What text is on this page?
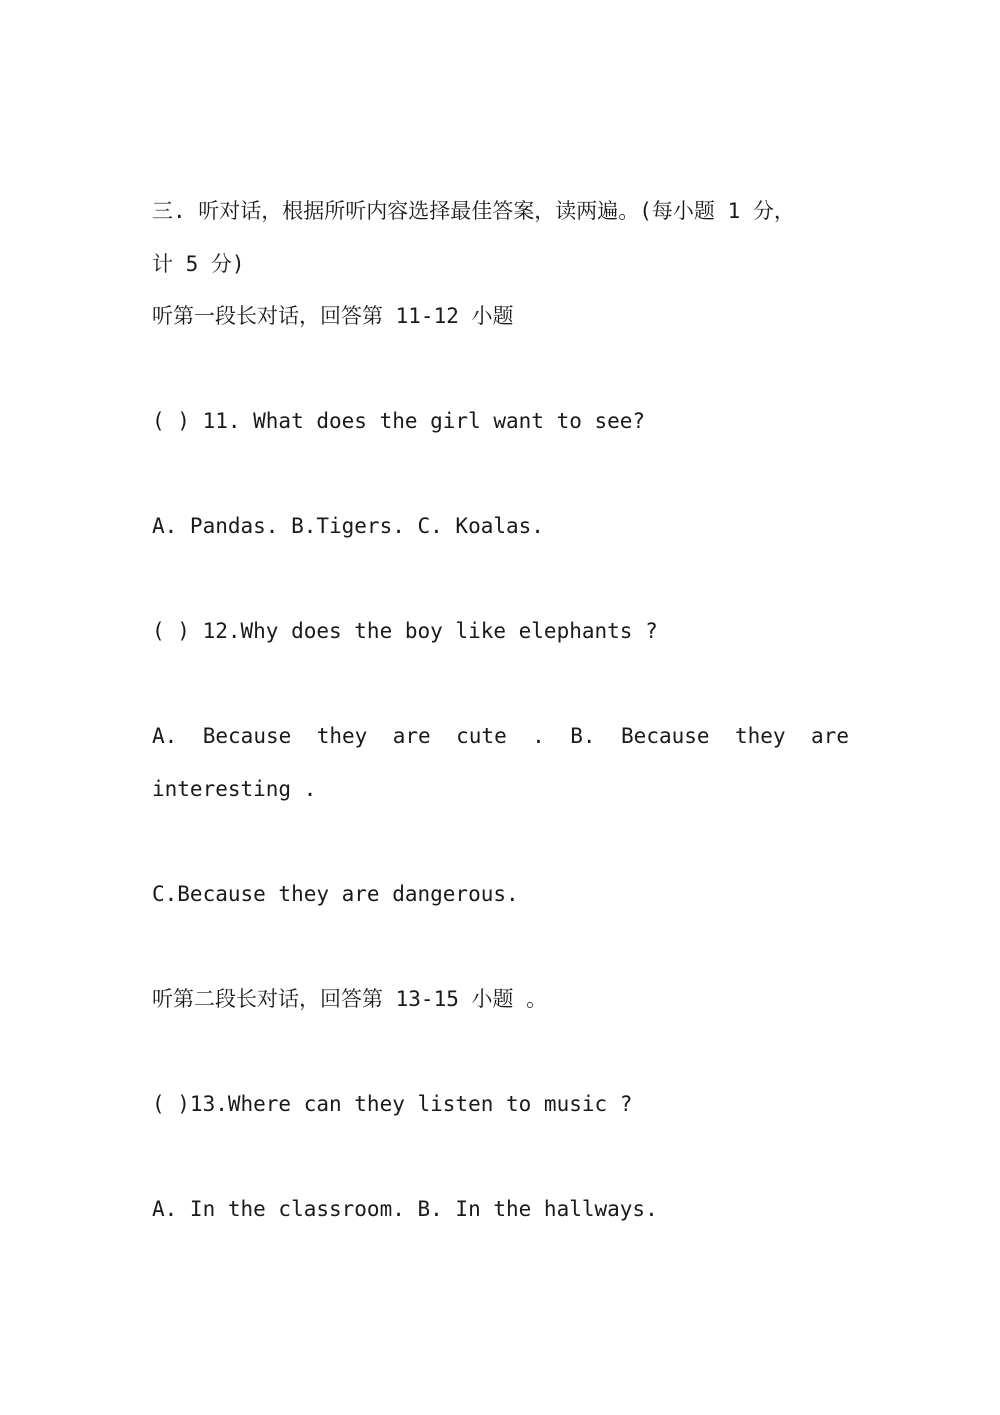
三. 听对话，根据所听内容选择最佳答案，读两遍。(每小题 1 分，
计 5 分)
听第一段长对话，回答第 11-12 小题
( ) 11. What does the girl want to see?
A. Pandas. B.Tigers. C. Koalas.
( ) 12.Why does the boy like elephants ?
A. Because they are cute . B. Because they are
interesting .
C.Because they are dangerous.
听第二段长对话，回答第 13-15 小题 。
( )13.Where can they listen to music ?
A. In the classroom. B. In the hallways.
